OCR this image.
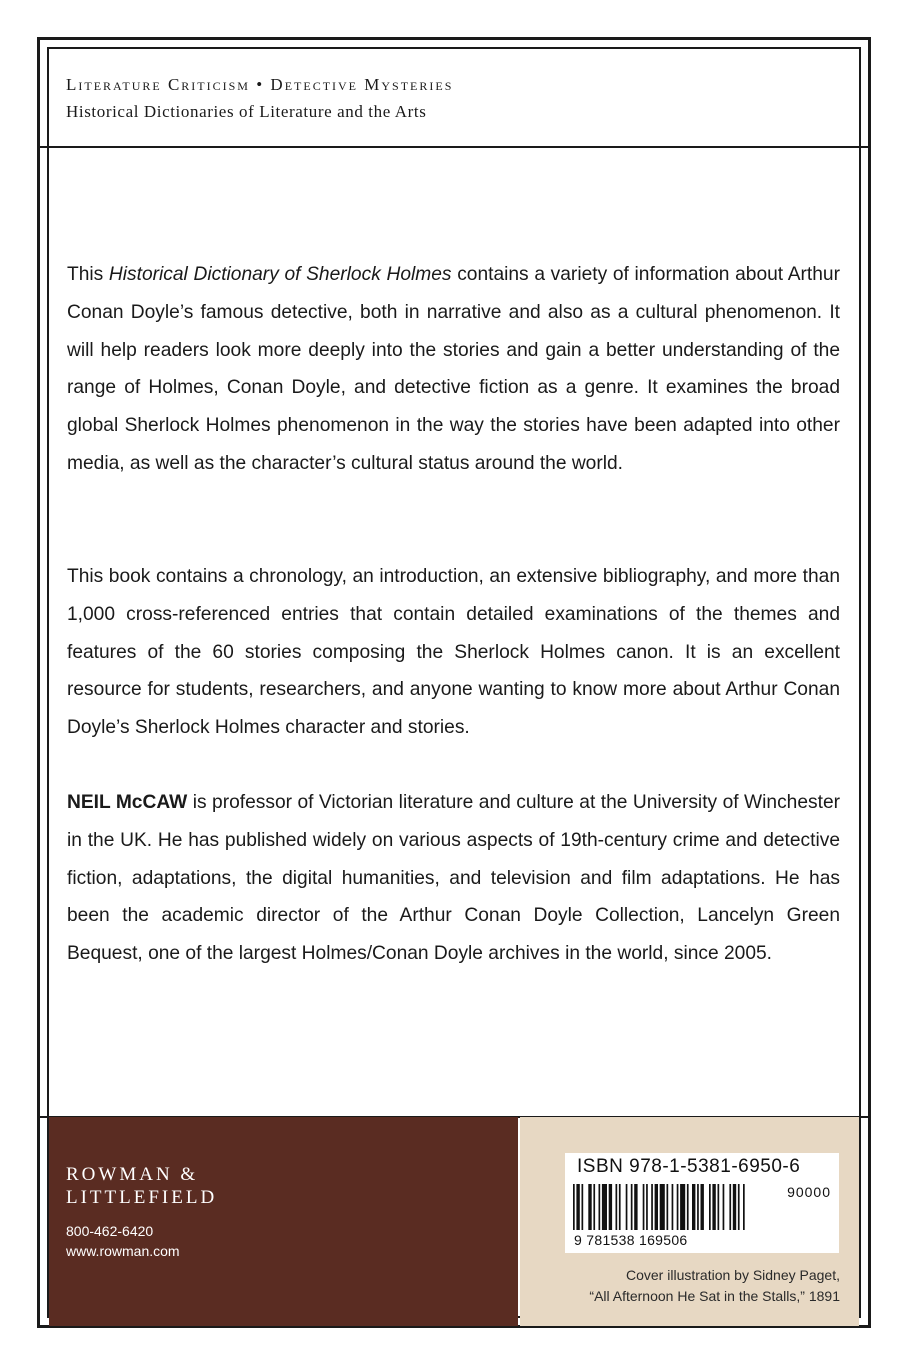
Literature Criticism • Detective Mysteries
Historical Dictionaries of Literature and the Arts

This Historical Dictionary of Sherlock Holmes contains a variety of information about Arthur Conan Doyle’s famous detective, both in narrative and also as a cultural phenomenon. It will help readers look more deeply into the stories and gain a better understanding of the range of Holmes, Conan Doyle, and detective fiction as a genre. It examines the broad global Sherlock Holmes phenomenon in the way the stories have been adapted into other media, as well as the character’s cultural status around the world.

This book contains a chronology, an introduction, an extensive bibliography, and more than 1,000 cross-referenced entries that contain detailed examinations of the themes and features of the 60 stories composing the Sherlock Holmes canon. It is an excellent resource for students, researchers, and anyone wanting to know more about Arthur Conan Doyle’s Sherlock Holmes character and stories.

NEIL McCAW is professor of Victorian literature and culture at the University of Winchester in the UK. He has published widely on various aspects of 19th-century crime and detective fiction, adaptations, the digital humanities, and television and film adaptations. He has been the academic director of the Arthur Conan Doyle Collection, Lancelyn Green Bequest, one of the largest Holmes/Conan Doyle archives in the world, since 2005.

ROWMAN &
LITTLEFIELD
800-462-6420
www.rowman.com
ISBN 978-1-5381-6950-6
90000
9 781538 169506
Cover illustration by Sidney Paget,
“All Afternoon He Sat in the Stalls,” 1891
